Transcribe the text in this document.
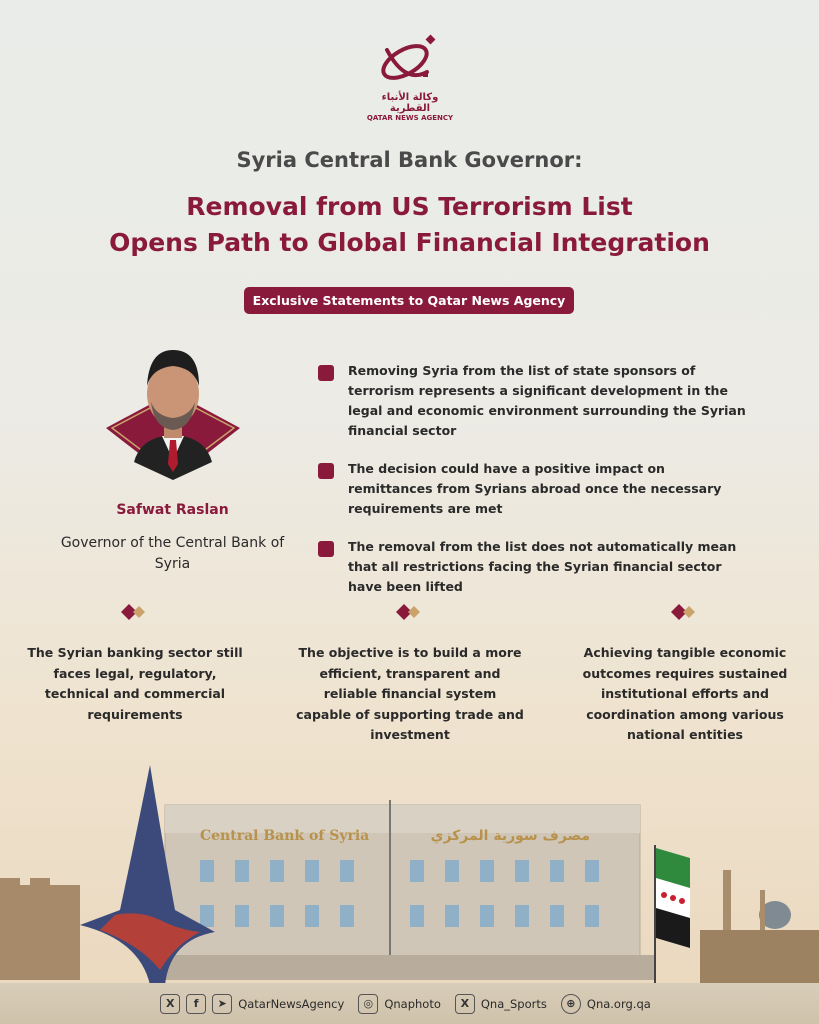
وكالة الأنباء القطرية
QATAR NEWS AGENCY
Syria Central Bank Governor:
Removal from US Terrorism List
Opens Path to Global Financial Integration
Exclusive Statements to Qatar News Agency
Safwat Raslan
Governor of the Central Bank of Syria
Removing Syria from the list of state sponsors of terrorism represents a significant development in the legal and economic environment surrounding the Syrian financial sector
The decision could have a positive impact on remittances from Syrians abroad once the necessary requirements are met
The removal from the list does not automatically mean that all restrictions facing the Syrian financial sector have been lifted
The Syrian banking sector still faces legal, regulatory, technical and commercial requirements
The objective is to build a more efficient, transparent and reliable financial system capable of supporting trade and investment
Achieving tangible economic outcomes requires sustained institutional efforts and coordination among various national entities
Central Bank of Syria	مصرف سورية المركزي
X	f	➤ QatarNewsAgency	◎ Qnaphoto	X	Qna_Sports	⊕ Qna.org.qa
